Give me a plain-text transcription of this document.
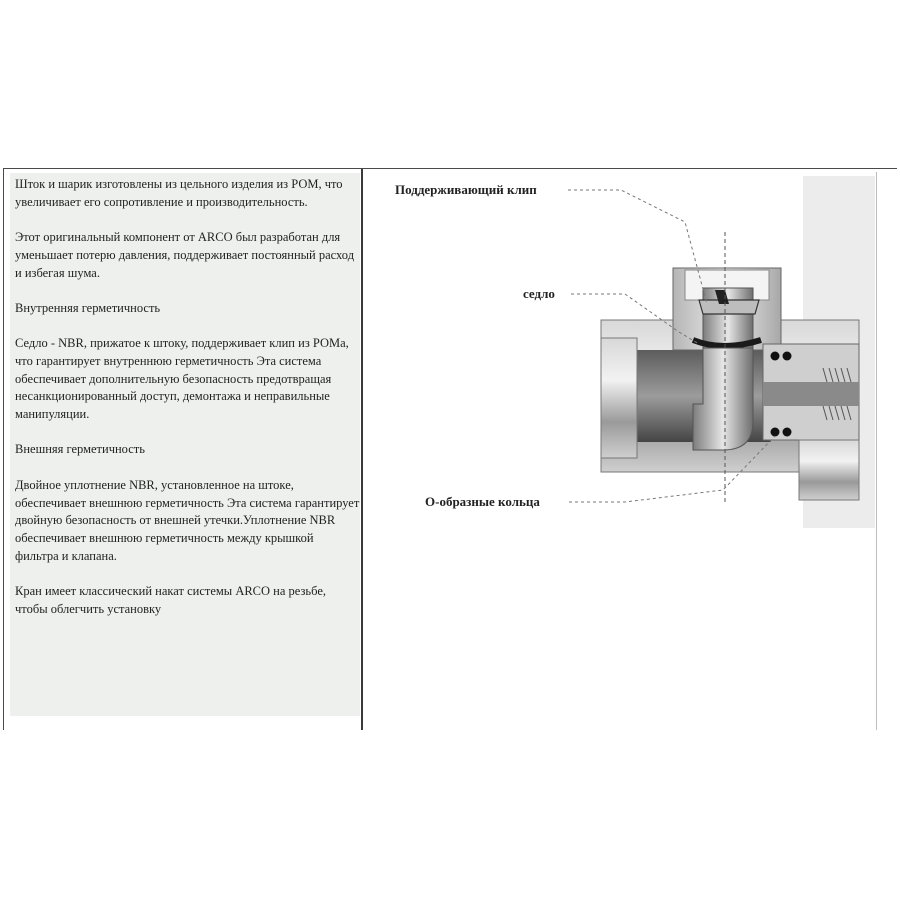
Шток и шарик изготовлены из цельного изделия из РОМ, что увеличивает его сопротивление и производительность.

Этот оригинальный компонент от ARCO был разработан для уменьшает потерю давления, поддерживает постоянный расход и избегая шума.

Внутренняя герметичность

Седло - NBR, прижатое к штоку, поддерживает клип из РОМа, что гарантирует внутреннюю герметичность Эта система обеспечивает дополнительную безопасность предотвращая несанкционированный доступ, демонтажа и неправильные манипуляции.

Внешняя герметичность

Двойное уплотнение NBR, установленное на штоке, обеспечивает внешнюю герметичность Эта система гарантирует двойную безопасность от внешней утечки.Уплотнение NBR обеспечивает внешнюю герметичность между крышкой фильтра и клапана.

Кран имеет классический накат системы ARCO на резьбе, чтобы облегчить установку

Поддерживающий клип
седло
О-образные кольца
